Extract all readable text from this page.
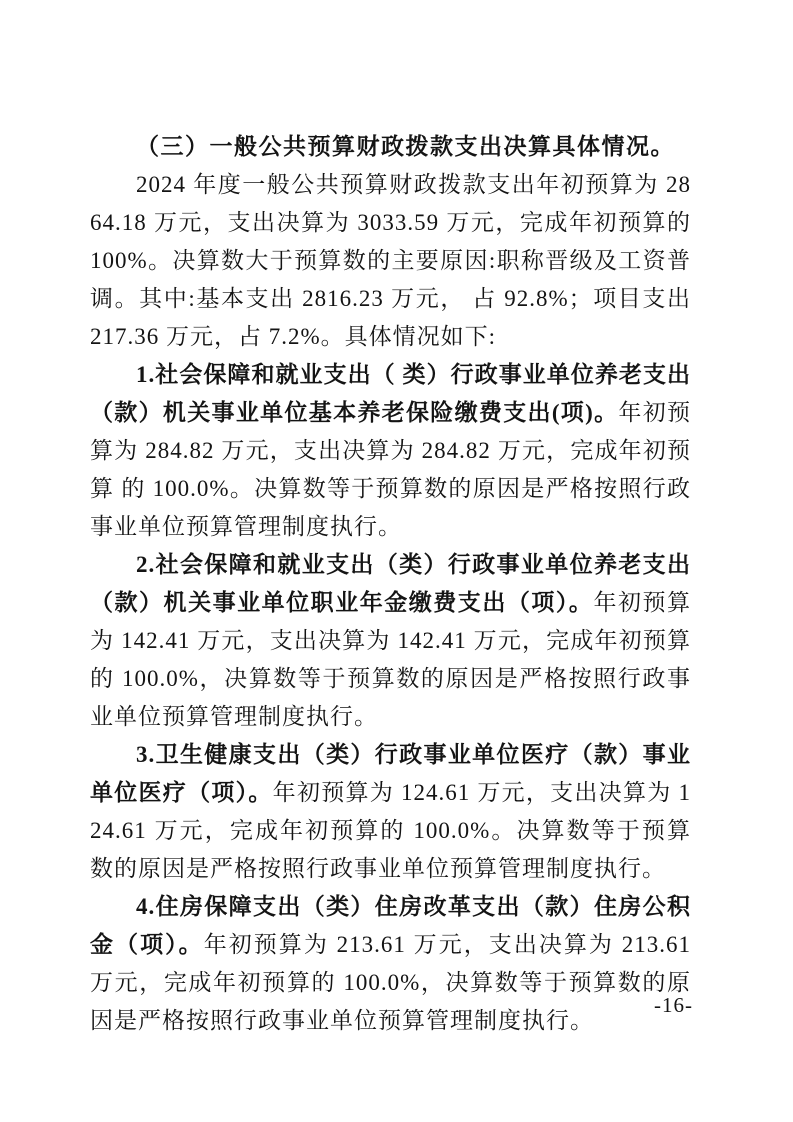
（三）一般公共预算财政拨款支出决算具体情况。

2024 年度一般公共预算财政拨款支出年初预算为 2864.18 万元，支出决算为 3033.59 万元，完成年初预算的 100%。决算数大于预算数的主要原因:职称晋级及工资普调。其中:基本支出 2816.23 万元， 占 92.8%；项目支出 217.36 万元，占 7.2%。具体情况如下:

1.社会保障和就业支出（ 类）行政事业单位养老支出 （款）机关事业单位基本养老保险缴费支出(项)。年初预 算为 284.82 万元，支出决算为 284.82 万元，完成年初预算 的 100.0%。决算数等于预算数的原因是严格按照行政事业单位预算管理制度执行。

2.社会保障和就业支出（类）行政事业单位养老支出（款）机关事业单位职业年金缴费支出（项）。年初预算为 142.41 万元，支出决算为 142.41 万元，完成年初预算的 100.0%，决算数等于预算数的原因是严格按照行政事业单位预算管理制度执行。

3.卫生健康支出（类）行政事业单位医疗（款）事业单位医疗（项）。年初预算为 124.61 万元，支出决算为 124.61 万元，完成年初预算的 100.0%。决算数等于预算数的原因是严格按照行政事业单位预算管理制度执行。

4.住房保障支出（类）住房改革支出（款）住房公积金（项）。年初预算为 213.61 万元，支出决算为 213.61 万元，完成年初预算的 100.0%，决算数等于预算数的原因是严格按照行政事业单位预算管理制度执行。

-16-
